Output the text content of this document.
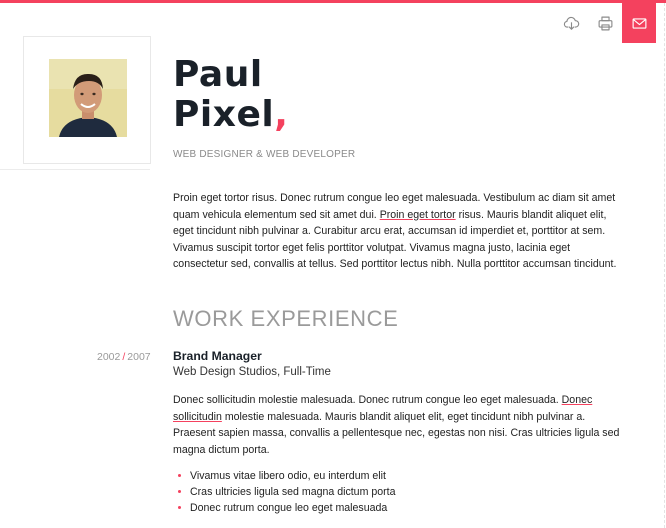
Paul
Pixel,
WEB DESIGNER & WEB DEVELOPER
Proin eget tortor risus. Donec rutrum congue leo eget malesuada. Vestibulum ac diam sit amet quam vehicula elementum sed sit amet dui. Proin eget tortor risus. Mauris blandit aliquet elit, eget tincidunt nibh pulvinar a. Curabitur arcu erat, accumsan id imperdiet et, porttitor at sem. Vivamus suscipit tortor eget felis porttitor volutpat. Vivamus magna justo, lacinia eget consectetur sed, convallis at tellus. Sed porttitor lectus nibh. Nulla porttitor accumsan tincidunt.
WORK EXPERIENCE
2002 / 2007 Brand Manager
Web Design Studios, Full-Time
Donec sollicitudin molestie malesuada. Donec rutrum congue leo eget malesuada. Donec sollicitudin molestie malesuada. Mauris blandit aliquet elit, eget tincidunt nibh pulvinar a. Praesent sapien massa, convallis a pellentesque nec, egestas non nisi. Cras ultricies ligula sed magna dictum porta.
Vivamus vitae libero odio, eu interdum elit
Cras ultricies ligula sed magna dictum porta
Donec rutrum congue leo eget malesuada
